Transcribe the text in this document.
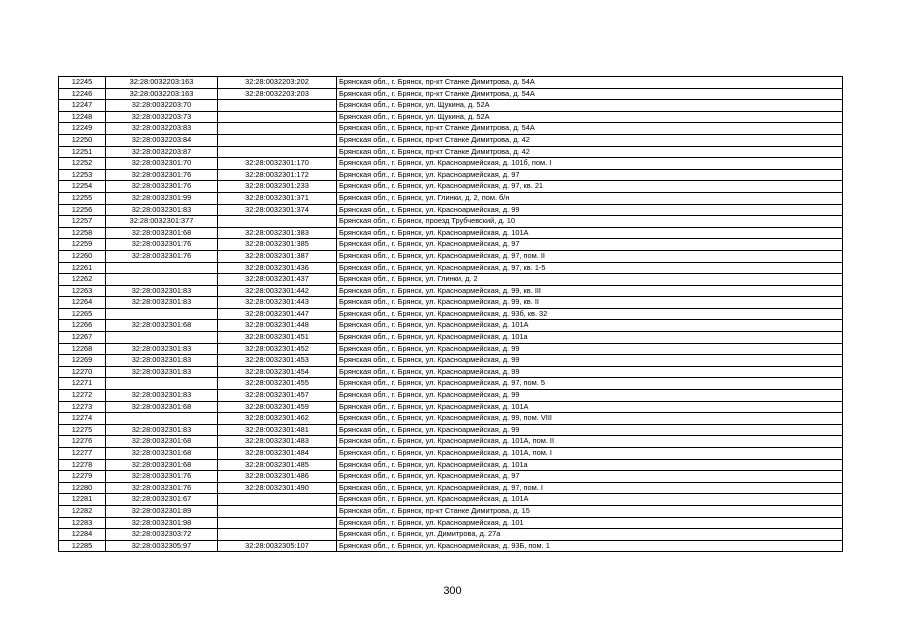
12245	32:28:0032203:163	32:28:0032203:202	Брянская обл., г. Брянск, пр-кт Станке Димитрова, д. 54А
12246	32:28:0032203:163	32:28:0032203:203	Брянская обл., г. Брянск, пр-кт Станке Димитрова, д. 54А
12247	32:28:0032203:70		Брянская обл., г. Брянск, ул. Щукина, д. 52А
12248	32:28:0032203:73		Брянская обл., г. Брянск, ул. Щукина, д. 52А
12249	32:28:0032203:83		Брянская обл., г. Брянск, пр-кт Станке Димитрова, д. 54А
12250	32:28:0032203:84		Брянская обл., г. Брянск, пр-кт Станке Димитрова, д. 42
12251	32:28:0032203:87		Брянская обл., г. Брянск, пр-кт Станке Димитрова, д. 42
12252	32:28:0032301:70	32:28:0032301:170	Брянская обл., г. Брянск, ул. Красноармейская, д. 101б, пом. I
12253	32:28:0032301:76	32:28:0032301:172	Брянская обл., г. Брянск, ул. Красноармейская, д. 97
12254	32:28:0032301:76	32:28:0032301:233	Брянская обл., г. Брянск, ул. Красноармейская, д. 97, кв. 21
12255	32:28:0032301:99	32:28:0032301:371	Брянская обл., г. Брянск, ул. Глинки, д. 2, пом. б/н
12256	32:28:0032301:83	32:28:0032301:374	Брянская обл., г. Брянск, ул. Красноармейская, д. 99
12257	32:28:0032301:377		Брянская обл., г. Брянск, проезд Трубчевский, д. 10
12258	32:28:0032301:68	32:28:0032301:383	Брянская обл., г. Брянск, ул. Красноармейская, д. 101А
12259	32:28:0032301:76	32:28:0032301:385	Брянская обл., г. Брянск, ул. Красноармейская, д. 97
12260	32:28:0032301:76	32:28:0032301:387	Брянская обл., г. Брянск, ул. Красноармейская, д. 97, пом. II
12261		32:28:0032301:436	Брянская обл., г. Брянск, ул. Красноармейская, д. 97, кв. 1-5
12262		32:28:0032301:437	Брянская обл., г. Брянск, ул. Глинки, д. 2
12263	32:28:0032301:83	32:28:0032301:442	Брянская обл., г. Брянск, ул. Красноармейская, д. 99, кв. III
12264	32:28:0032301:83	32:28:0032301:443	Брянская обл., г. Брянск, ул. Красноармейская, д. 99, кв. II
12265		32:28:0032301:447	Брянская обл., г. Брянск, ул. Красноармейская, д. 93б, кв. 32
12266	32:28:0032301:68	32:28:0032301:448	Брянская обл., г. Брянск, ул. Красноармейская, д. 101А
12267		32:28:0032301:451	Брянская обл., г. Брянск, ул. Красноармейская, д. 101а
12268	32:28:0032301:83	32:28:0032301:452	Брянская обл., г. Брянск, ул. Красноармейская, д. 99
12269	32:28:0032301:83	32:28:0032301:453	Брянская обл., г. Брянск, ул. Красноармейская, д. 99
12270	32:28:0032301:83	32:28:0032301:454	Брянская обл., г. Брянск, ул. Красноармейская, д. 99
12271		32:28:0032301:455	Брянская обл., г. Брянск, ул. Красноармейская, д. 97, пом. 5
12272	32:28:0032301:83	32:28:0032301:457	Брянская обл., г. Брянск, ул. Красноармейская, д. 99
12273	32:28:0032301:68	32:28:0032301:459	Брянская обл., г. Брянск, ул. Красноармейская, д. 101А
12274		32:28:0032301:462	Брянская обл., г. Брянск, ул. Красноармейская, д. 99, пом. VIII
12275	32:28:0032301:83	32:28:0032301:481	Брянская обл., г. Брянск, ул. Красноармейская, д. 99
12276	32:28:0032301:68	32:28:0032301:483	Брянская обл., г. Брянск, ул. Красноармейская, д. 101А, пом. II
12277	32:28:0032301:68	32:28:0032301:484	Брянская обл., г. Брянск, ул. Красноармейская, д. 101А, пом. I
12278	32:28:0032301:68	32:28:0032301:485	Брянская обл., г. Брянск, ул. Красноармейская, д. 101а
12279	32:28:0032301:76	32:28:0032301:486	Брянская обл., г. Брянск, ул. Красноармейская, д. 97
12280	32:28:0032301:76	32:28:0032301:490	Брянская обл., г. Брянск, ул. Красноармейская, д. 97, пом. I
12281	32:28:0032301:67		Брянская обл., г. Брянск, ул. Красноармейская, д. 101А
12282	32:28:0032301:89		Брянская обл., г. Брянск, пр-кт Станке Димитрова, д. 15
12283	32:28:0032301:98		Брянская обл., г. Брянск, ул. Красноармейская, д. 101
12284	32:28:0032303:72		Брянская обл., г. Брянск, ул. Димитрова, д. 27а
12285	32:28:0032305:97	32:28:0032305:107	Брянская обл., г. Брянск, ул. Красноармейская, д. 93Б, пом. 1
300
